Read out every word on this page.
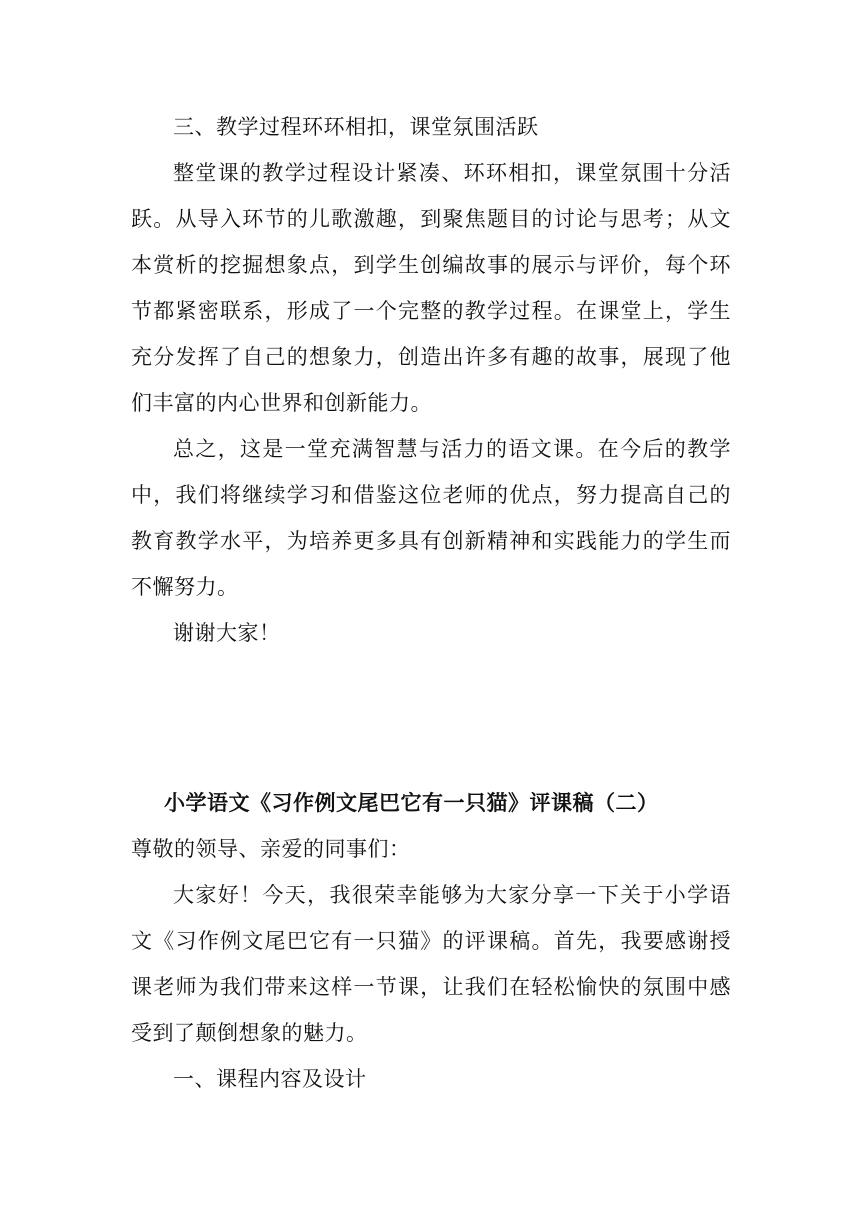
三、教学过程环环相扣，课堂氛围活跃

整堂课的教学过程设计紧凑、环环相扣，课堂氛围十分活跃。从导入环节的儿歌激趣，到聚焦题目的讨论与思考；从文本赏析的挖掘想象点，到学生创编故事的展示与评价，每个环节都紧密联系，形成了一个完整的教学过程。在课堂上，学生充分发挥了自己的想象力，创造出许多有趣的故事，展现了他们丰富的内心世界和创新能力。

总之，这是一堂充满智慧与活力的语文课。在今后的教学中，我们将继续学习和借鉴这位老师的优点，努力提高自己的教育教学水平，为培养更多具有创新精神和实践能力的学生而不懈努力。

谢谢大家！

小学语文《习作例文尾巴它有一只猫》评课稿（二）

尊敬的领导、亲爱的同事们：

大家好！今天，我很荣幸能够为大家分享一下关于小学语文《习作例文尾巴它有一只猫》的评课稿。首先，我要感谢授课老师为我们带来这样一节课，让我们在轻松愉快的氛围中感受到了颠倒想象的魅力。

一、课程内容及设计
